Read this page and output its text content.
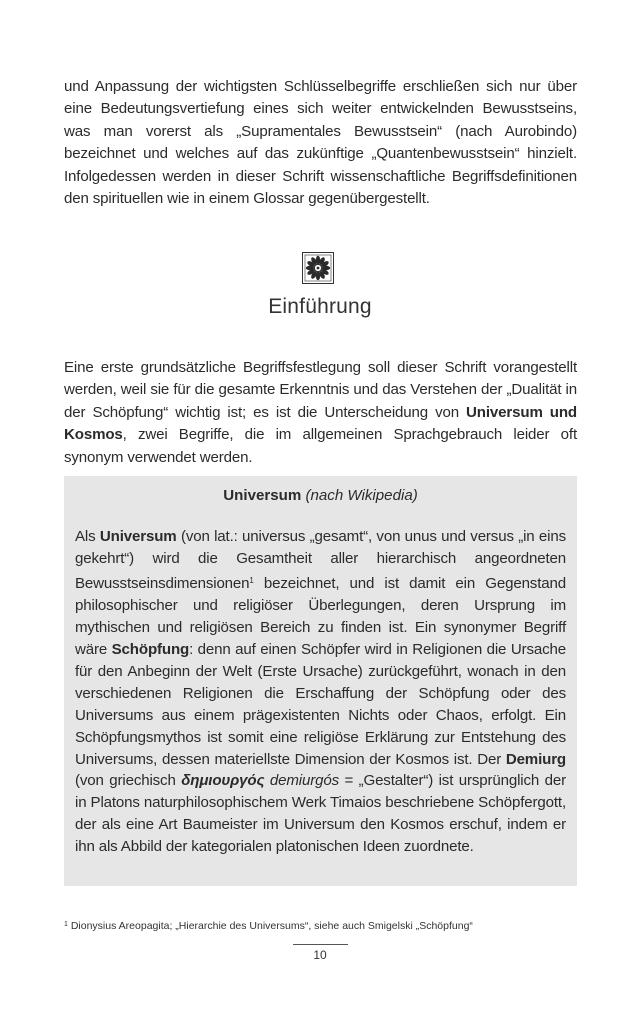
und Anpassung der wichtigsten Schlüsselbegriffe erschließen sich nur über eine Bedeutungsvertiefung eines sich weiter entwickelnden Bewusstseins, was man vorerst als „Supramentales Bewusstsein“ (nach Aurobindo) bezeichnet und welches auf das zukünftige „Quantenbewusstsein“ hinzielt. Infolgedessen werden in dieser Schrift wissenschaftliche Begriffsdefinitionen den spirituellen wie in einem Glossar gegenübergestellt.

Einführung

Eine erste grundsätzliche Begriffsfestlegung soll dieser Schrift vorangestellt werden, weil sie für die gesamte Erkenntnis und das Verstehen der „Dualität in der Schöpfung“ wichtig ist; es ist die Unterscheidung von Universum und Kosmos, zwei Begriffe, die im allgemeinen Sprachgebrauch leider oft synonym verwendet werden.

Universum (nach Wikipedia)

Als Universum (von lat.: universus „gesamt“, von unus und versus „in eins gekehrt“) wird die Gesamtheit aller hierarchisch angeordneten Bewusstseinsdimensionen$^1$ bezeichnet, und ist damit ein Gegenstand philosophischer und religiöser Überlegungen, deren Ursprung im mythischen und religiösen Bereich zu finden ist. Ein synonymer Begriff wäre Schöpfung: denn auf einen Schöpfer wird in Religionen die Ursache für den Anbeginn der Welt (Erste Ursache) zurückgeführt, wonach in den verschiedenen Religionen die Erschaffung der Schöpfung oder des Universums aus einem prägexistenten Nichts oder Chaos, erfolgt. Ein Schöpfungsmythos ist somit eine religiöse Erklärung zur Entstehung des Universums, dessen materiellste Dimension der Kosmos ist. Der Demiurg (von griechisch δημιουργός demiurgós = „Gestalter“) ist ursprünglich der in Platons naturphilosophischem Werk Timaios beschriebene Schöpfergott, der als eine Art Baumeister im Universum den Kosmos erschuf, indem er ihn als Abbild der kategorialen platonischen Ideen zuordnete.

$^1$ Dionysius Areopagita; „Hierarchie des Universums“, siehe auch Smigelski „Schöpfung“
10
